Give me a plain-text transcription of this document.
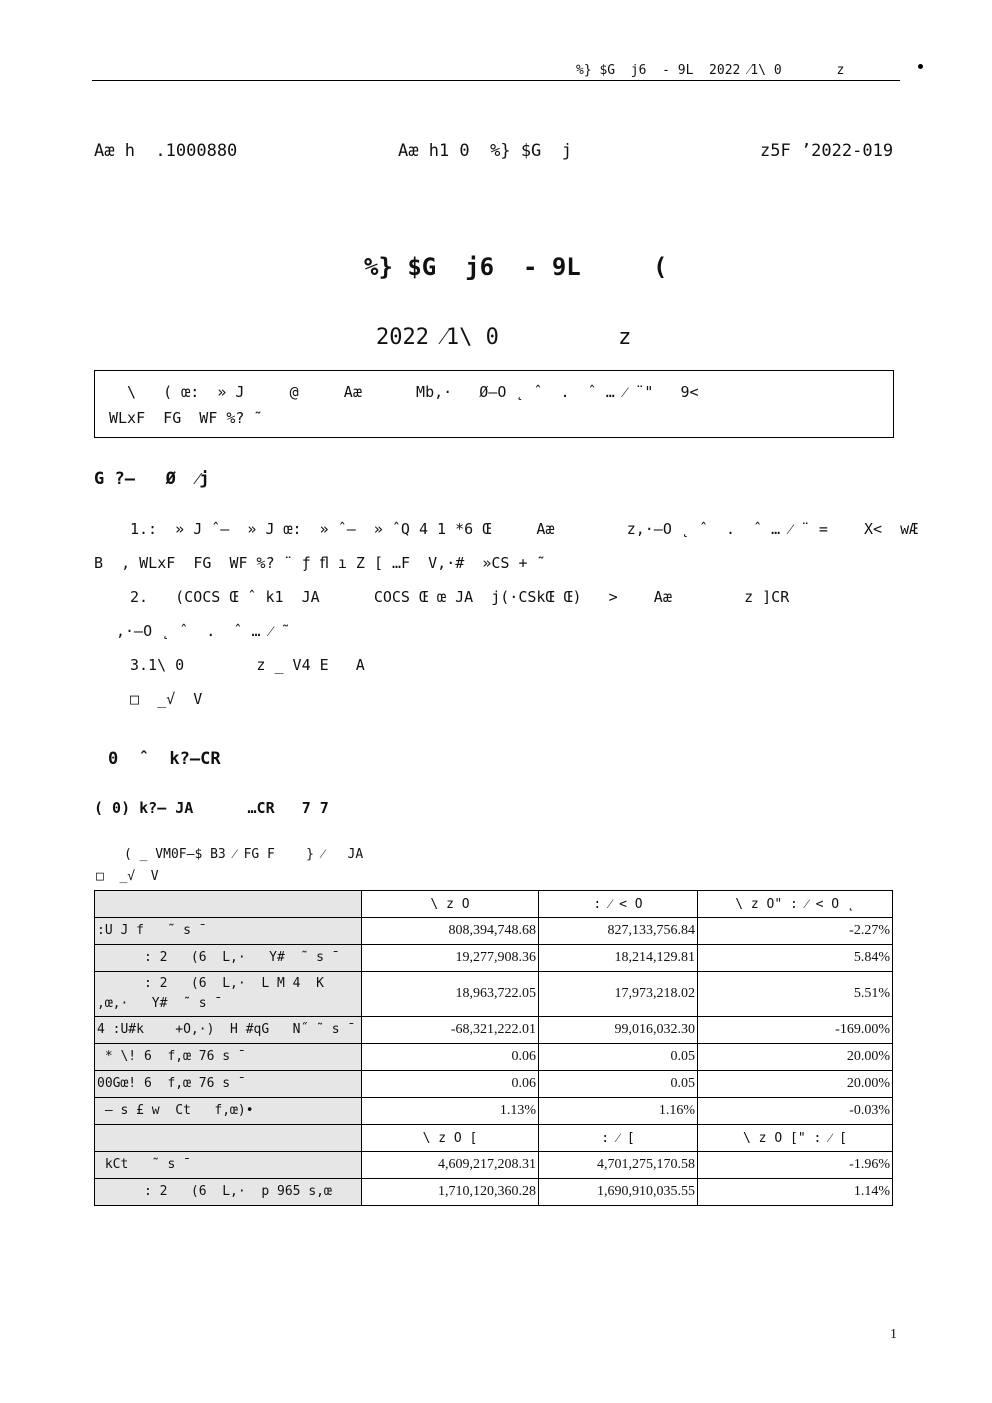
%} $G  j6  - 9L  2022 ⁄1\ 0       z
Aæ h  .1000880	Aæ h1 0  %} $G  j	z5F ’2022-019
%} $G  j6  - 9L     (
2022 ⁄1\ 0         z
\   ( œ:  » J     @     Aæ      Mb,·   Ø–O ˛ ˆ  .  ˆ … ⁄ ¨"   9<
WLxF  FG  WF %? ˜
G ?–   Ø  ⁄j
1.:  » J ˆ–  » J œ:  » ˆ–  » ˆQ 4 1 *6 Œ     Aæ        z,·–O ˛ ˆ  .  ˆ … ⁄ ¨ =    X<  wÆ
B  , WLxF  FG  WF %? ¨ ƒ ﬂ ı Z [ …F  V,·#  »CS + ˜
2.   (COCS Œ ˆ k1  JA      COCS Œ œ JA  j(·CSkŒ Œ)   >    Aæ        z ]CR
,·–O ˛ ˆ  .  ˆ … ⁄ ˜
3.1\ 0        z _ V4 E   A
□  _√  V
0  ˆ  k?–CR
( 0) k?– JA      …CR   7 7
( _ VM0F–$ B3 ⁄ FG F    } ⁄   JA
□  _√  V
	\ z O	: ⁄ < O	\ z O" : ⁄ < O ˛

:U J f   ˜ s ˉ	808,394,748.68	827,133,756.84	-2.27%

: 2   (6  L,·   Y#  ˜ s ˉ	19,277,908.36	18,214,129.81	5.84%

: 2   (6  L,·  L M 4  K
,œ,·   Y#  ˜ s ˉ	18,963,722.05	17,973,218.02	5.51%

4 :U#k    +O,·)  H #qG   N˝ ˜ s ˉ	-68,321,222.01	99,016,032.30	-169.00%

* \! 6  f,œ 76 s ˉ	0.06	0.05	20.00%

00Gœ! 6  f,œ 76 s ˉ	0.06	0.05	20.00%

– s £ w  Ct   f,œ)•	1.13%	1.16%	-0.03%
	\ z O [	: ⁄ [	\ z O [" : ⁄ [

kCt   ˜ s ˉ	4,609,217,208.31	4,701,275,170.58	-1.96%

: 2   (6  L,·  p 965 s,œ	1,710,120,360.28	1,690,910,035.55	1.14%
1
